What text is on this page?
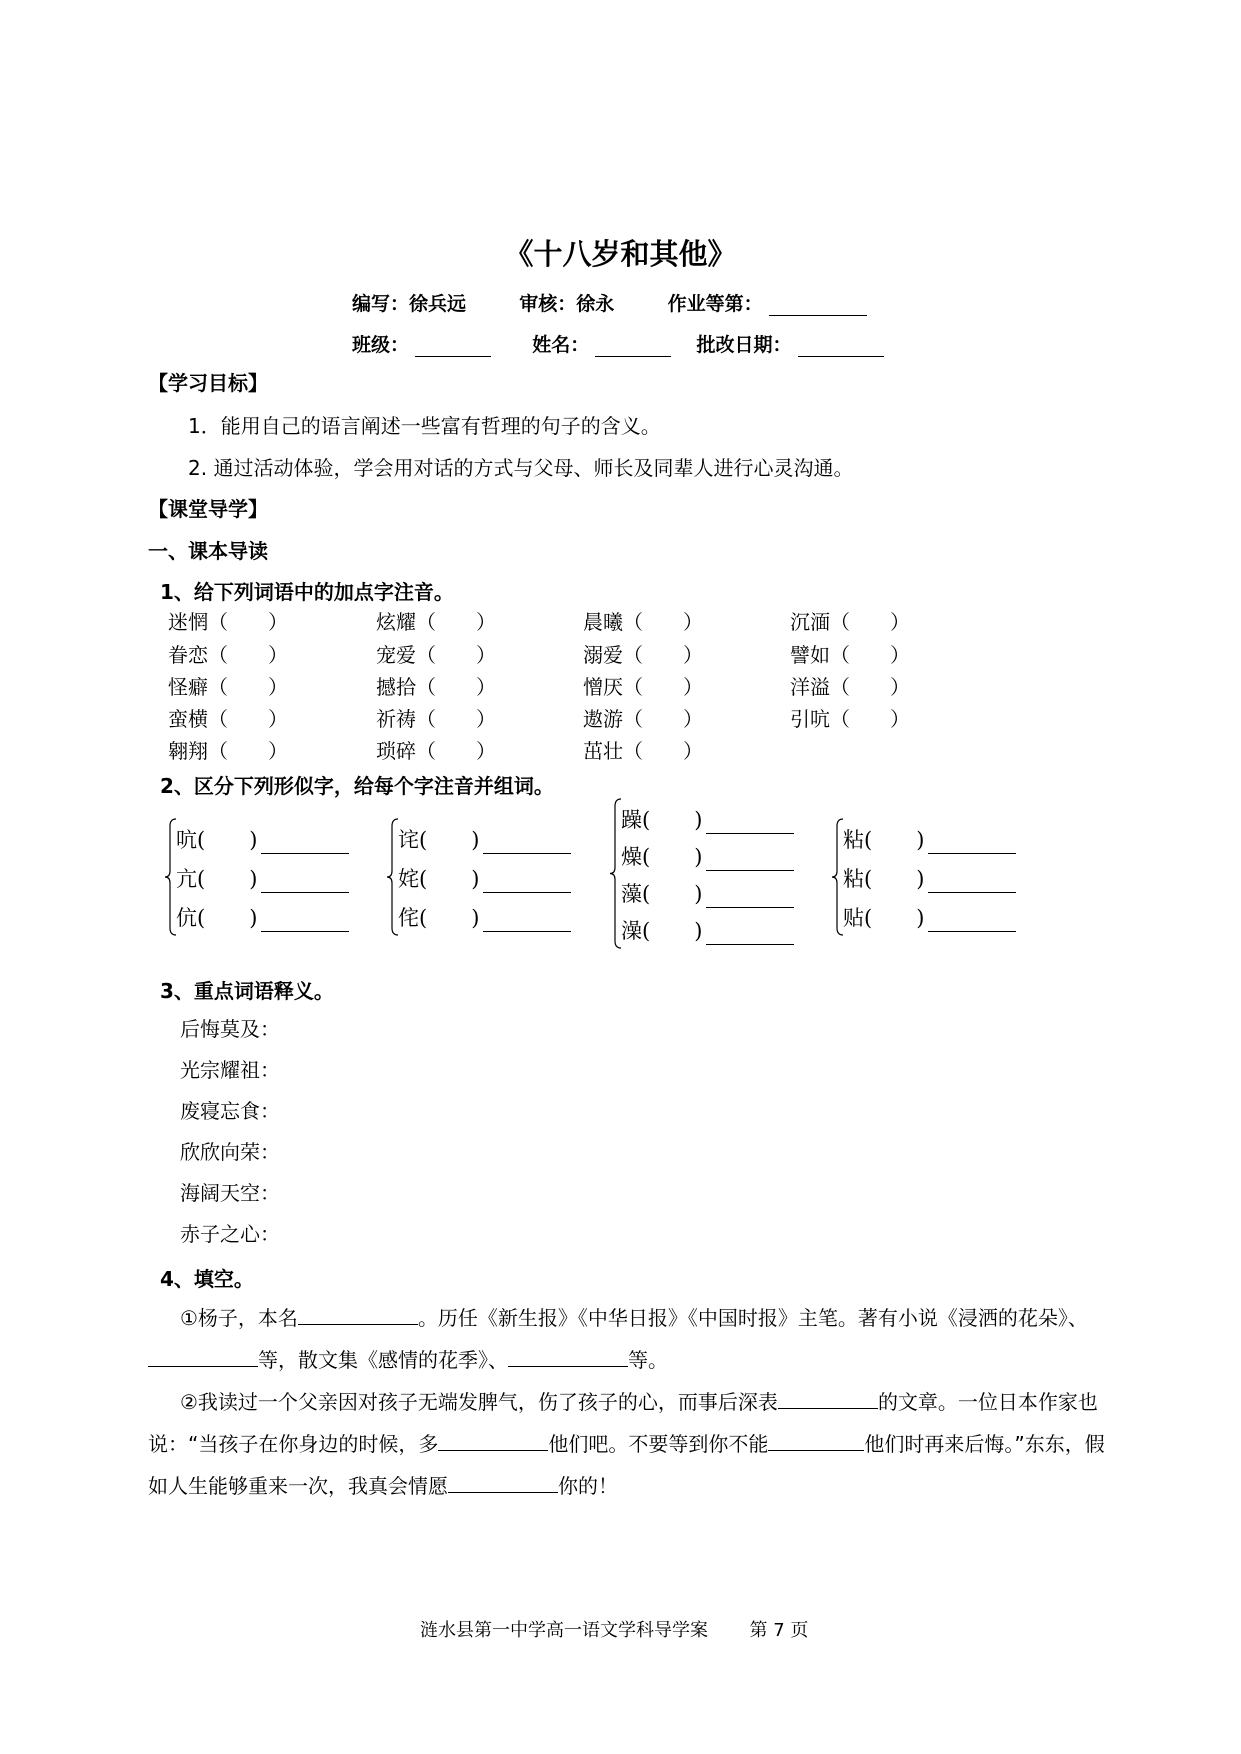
《十八岁和其他》
编写：徐兵远	审核：徐永	作业等第：
班级：	姓名：	批改日期：
【学习目标】
1．能用自己的语言阐述一些富有哲理的句子的含义。
2. 通过活动体验，学会用对话的方式与父母、师长及同辈人进行心灵沟通。
【课堂导学】
一、课本导读
1、给下列词语中的加点字注音。
迷惘（ ）	炫耀（ ）	晨曦（ ）	沉湎（ ）
眷恋（ ）	宠爱（ ）	溺爱（ ）	譬如（ ）
怪癖（ ）	撼拾（ ）	憎厌（ ）	洋溢（ ）
蛮横（ ）	祈祷（ ）	遨游（ ）	引吭（ ）
翱翔（ ）	琐碎（ ）	茁壮（ ）
2、区分下列形似字，给每个字注音并组词。
吭( )
亢( )
伉( )
诧( )
姹( )
侘( )
躁( )
燥( )
藻( )
澡( )
粘( )
粘( )
贴( )
3、重点词语释义。
后悔莫及：
光宗耀祖：
废寝忘食：
欣欣向荣：
海阔天空：
赤子之心：
4、填空。
①杨子，本名	。历任《新生报》《中华日报》《中国时报》主笔。著有小说《浸洒的花朵》、等，散文集《感情的花季》、	等。
②我读过一个父亲因对孩子无端发脾气，伤了孩子的心，而事后深表	的文章。一位日本作家也说：“当孩子在你身边的时候，多	他们吧。不要等到你不能	他们时再来后悔。”东东，假如人生能够重来一次，我真会情愿	你的！
涟水县第一中学高一语文学科导学案 第 7 页
